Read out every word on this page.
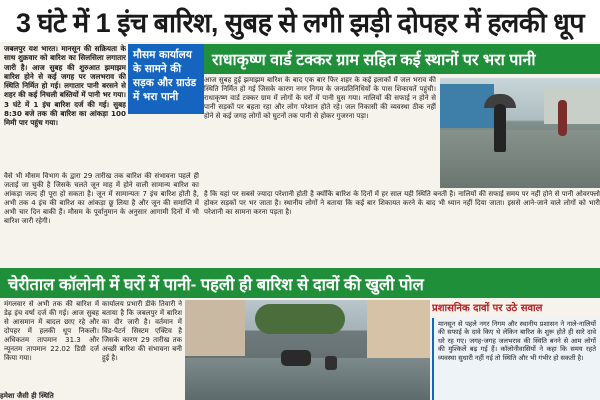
3 घंटे में 1 इंच बारिश, सुबह से लगी झड़ी दोपहर में हलकी धूप
जबलपुर यश भारत। मानसून की सक्रियता के साथ शुक्रवार को बारिश का सिलसिला लगातार जारी है। आज सुबह की शुरुआत झमाझम बारिश होने से कई जगह पर जलभराव की स्थिति निर्मित हो गई। लगातार पानी बरसने से शहर की कई निचली बस्तियों में पानी भर गया। 3 घंटे में 1 इंच बारिश दर्ज की गई। सुबह 8:30 बजे तक की बारिश का आंकड़ा 100 मिमी पार पहुंच गया।
मौसम कार्यालय के सामने की सड़क और ग्राउंड में भरा पानी
राधाकृष्ण वार्ड टक्कर ग्राम सहित कई स्थानों पर भरा पानी
आज सुबह हुई झमाझम बारिश के बाद एक बार फिर शहर के कई इलाकों में जल भराव की स्थिति निर्मित हो गई जिसके कारण नगर निगम के जनप्रतिनिधियों के पास शिकायतें पहुंची। राधाकृष्ण वार्ड टक्कर ग्राम में लोगों के घरों में पानी घुस गया। नालियों की सफाई न होने से पानी सड़कों पर बहता रहा और लोग परेशान होते रहे। जल निकासी की व्यवस्था ठीक नहीं होने से कई जगह लोगों को घुटनों तक पानी से होकर गुजरना पड़ा।
वैसे भी मौसम विभाग के द्वारा 29 तारीख तक बारिश की संभावना पहले ही जताई जा चुकी है जिसके चलते जून माह में होने वाली सामान्य बारिश का आंकड़ा जल्द ही पूरा हो सकता है। जून में सामान्यतः 7 इंच बारिश होती है, अभी तक 4 इंच की बारिश का आंकड़ा छू लिया है और जून की समाप्ति में अभी चार दिन बाकी हैं। मौसम के पूर्वानुमान के अनुसार आगामी दिनों में भी बारिश जारी रहेगी।
है कि यहां पर सबसे ज्यादा परेशानी होती है क्योंकि बारिश के दिनों में हर साल यही स्थिति बनती है। नालियों की सफाई समय पर नहीं होने से पानी ओवरफ्लो होकर सड़कों पर भर जाता है। स्थानीय लोगों ने बताया कि कई बार शिकायत करने के बाद भी ध्यान नहीं दिया जाता। इससे आने-जाने वाले लोगों को भारी परेशानी का सामना करना पड़ता है।
चेरीताल कॉलोनी में घरों में पानी- पहली ही बारिश से दावों की खुली पोल
मंगलवार से अभी तक की बारिश में डेढ़ इंच वर्षा दर्ज की गई। आज सुबह से आसमान में बादल छाए रहे और दोपहर में हलकी धूप निकली। अधिकतम तापमान 31.3 और न्यूनतम तापमान 22.02 डिग्री दर्ज किया गया।
कार्यालय प्रभारी डीके तिवारी ने बताया है कि जबलपुर में बारिश का दौर जारी है। वर्तमान में विंड-पैटर्न सिस्टम एक्टिव है जिसके कारण 29 तारीख तक अच्छी बारिश की संभावना बनी हुई है।
प्रशासनिक दावों पर उठे सवाल
मानसून से पहले नगर निगम और स्थानीय प्रशासन ने नाले-नालियों की सफाई के दावे किए थे लेकिन बारिश के शुरू होते ही सारे दावे धरे रह गए। जगह-जगह जलभराव की स्थिति बनने से आम लोगों की मुश्किलें बढ़ गई हैं। कॉलोनीवासियों ने कहा कि समय रहते व्यवस्था सुधारी नहीं गई तो स्थिति और भी गंभीर हो सकती है।
हमेशा जैसी ही स्थिति
